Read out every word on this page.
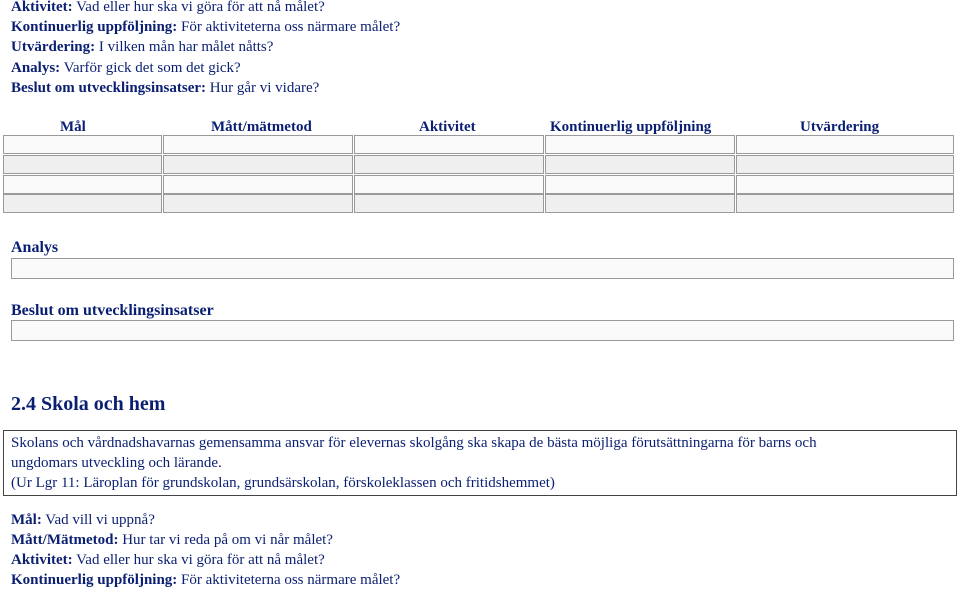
Aktivitet: Vad eller hur ska vi göra för att nå målet?
Kontinuerlig uppföljning: För aktiviteterna oss närmare målet?
Utvärdering: I vilken mån har målet nåtts?
Analys: Varför gick det som det gick?
Beslut om utvecklingsinsatser: Hur går vi vidare?
Mål	Mått/mätmetod	Aktivitet	Kontinuerlig uppföljning	Utvärdering
Analys
Beslut om utvecklingsinsatser
2.4 Skola och hem

Skolans och vårdnadshavarnas gemensamma ansvar för elevernas skolgång ska skapa de bästa möjliga förutsättningarna för barns och

ungdomars utveckling och lärande.

(Ur Lgr 11: Läroplan för grundskolan, grundsärskolan, förskoleklassen och fritidshemmet)

Mål: Vad vill vi uppnå?
Mått/Mätmetod: Hur tar vi reda på om vi når målet?
Aktivitet: Vad eller hur ska vi göra för att nå målet?
Kontinuerlig uppföljning: För aktiviteterna oss närmare målet?
